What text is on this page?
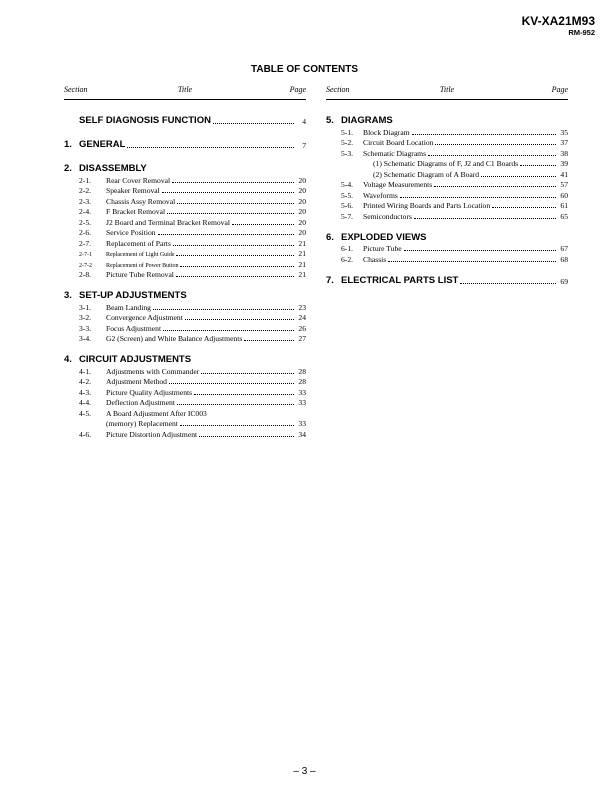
KV-XA21M93
RM-952
TABLE OF CONTENTS
Section	Title	Page
SELF DIAGNOSIS FUNCTION	4
1. GENERAL	7
2. DISASSEMBLY
2-1.	Rear Cover Removal	20
2-2.	Speaker Removal	20
2-3.	Chassis Assy Removal	20
2-4.	F Bracket Removal	20
2-5.	J2 Board and Terminal Bracket Removal	20
2-6.	Service Position	20
2-7.	Replacement of Parts	21
2-7-1	Replacement of Light Guide	21
2-7-2	Replacement of Power Button	21
2-8.	Picture Tube Removal	21
3. SET-UP ADJUSTMENTS
3-1.	Beam Landing	23
3-2.	Convergence Adjustment	24
3-3.	Focus Adjustment	26
3-4.	G2 (Screen) and White Balance Adjustments	27
4. CIRCUIT ADJUSTMENTS
4-1.	Adjustments with Commander	28
4-2.	Adjustment Method	28
4-3.	Picture Quality Adjustments	33
4-4.	Deflection Adjustment	33
4-5.	A Board Adjustment After IC003
(memory) Replacement	33
4-6.	Picture Distortion Adjustment	34
Section	Title	Page
5. DIAGRAMS
5-1.	Block Diagram	35
5-2.	Circuit Board Location	37
5-3.	Schematic Diagrams	38
(1) Schematic Diagrams of F, J2 and C1 Boards	39
(2) Schematic Diagram of A Board	41
5-4.	Voltage Measurements	57
5-5.	Waveforms	60
5-6.	Printed Wiring Boards and Parts Location	61
5-7.	Semiconductors	65
6. EXPLODED VIEWS
6-1.	Picture Tube	67
6-2.	Chassis	68
7. ELECTRICAL PARTS LIST	69
– 3 –
